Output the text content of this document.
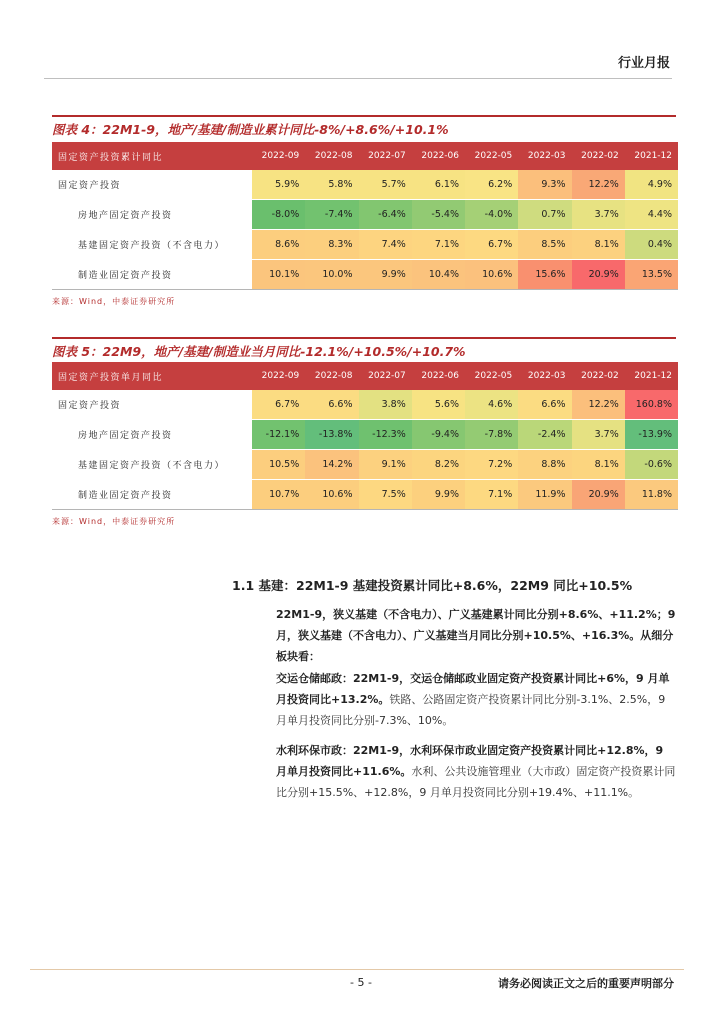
行业月报
图表 4：22M1-9，地产/基建/制造业累计同比-8%/+8.6%/+10.1%
固定资产投资累计同比	2022-09	2022-08	2022-07	2022-06	2022-05	2022-03	2022-02	2021-12
固定资产投资	5.9%	5.8%	5.7%	6.1%	6.2%	9.3%	12.2%	4.9%
房地产固定资产投资	-8.0%	-7.4%	-6.4%	-5.4%	-4.0%	0.7%	3.7%	4.4%
基建固定资产投资（不含电力）	8.6%	8.3%	7.4%	7.1%	6.7%	8.5%	8.1%	0.4%
制造业固定资产投资	10.1%	10.0%	9.9%	10.4%	10.6%	15.6%	20.9%	13.5%
来源：Wind，中泰证券研究所
图表 5：22M9，地产/基建/制造业当月同比-12.1%/+10.5%/+10.7%
固定资产投资单月同比	2022-09	2022-08	2022-07	2022-06	2022-05	2022-03	2022-02	2021-12
固定资产投资	6.7%	6.6%	3.8%	5.6%	4.6%	6.6%	12.2%	160.8%
房地产固定资产投资	-12.1%	-13.8%	-12.3%	-9.4%	-7.8%	-2.4%	3.7%	-13.9%
基建固定资产投资（不含电力）	10.5%	14.2%	9.1%	8.2%	7.2%	8.8%	8.1%	-0.6%
制造业固定资产投资	10.7%	10.6%	7.5%	9.9%	7.1%	11.9%	20.9%	11.8%
来源：Wind，中泰证券研究所
1.1 基建：22M1-9 基建投资累计同比+8.6%，22M9 同比+10.5%
22M1-9，狭义基建（不含电力）、广义基建累计同比分别+8.6%、+11.2%；9 月，狭义基建（不含电力）、广义基建当月同比分别+10.5%、+16.3%。从细分板块看：
交运仓储邮政：22M1-9，交运仓储邮政业固定资产投资累计同比+6%，9 月单月投资同比+13.2%。铁路、公路固定资产投资累计同比分别-3.1%、2.5%，9 月单月投资同比分别-7.3%、10%。
水利环保市政：22M1-9，水利环保市政业固定资产投资累计同比+12.8%，9 月单月投资同比+11.6%。水利、公共设施管理业（大市政）固定资产投资累计同比分别+15.5%、+12.8%，9 月单月投资同比分别+19.4%、+11.1%。
- 5 -	请务必阅读正文之后的重要声明部分
